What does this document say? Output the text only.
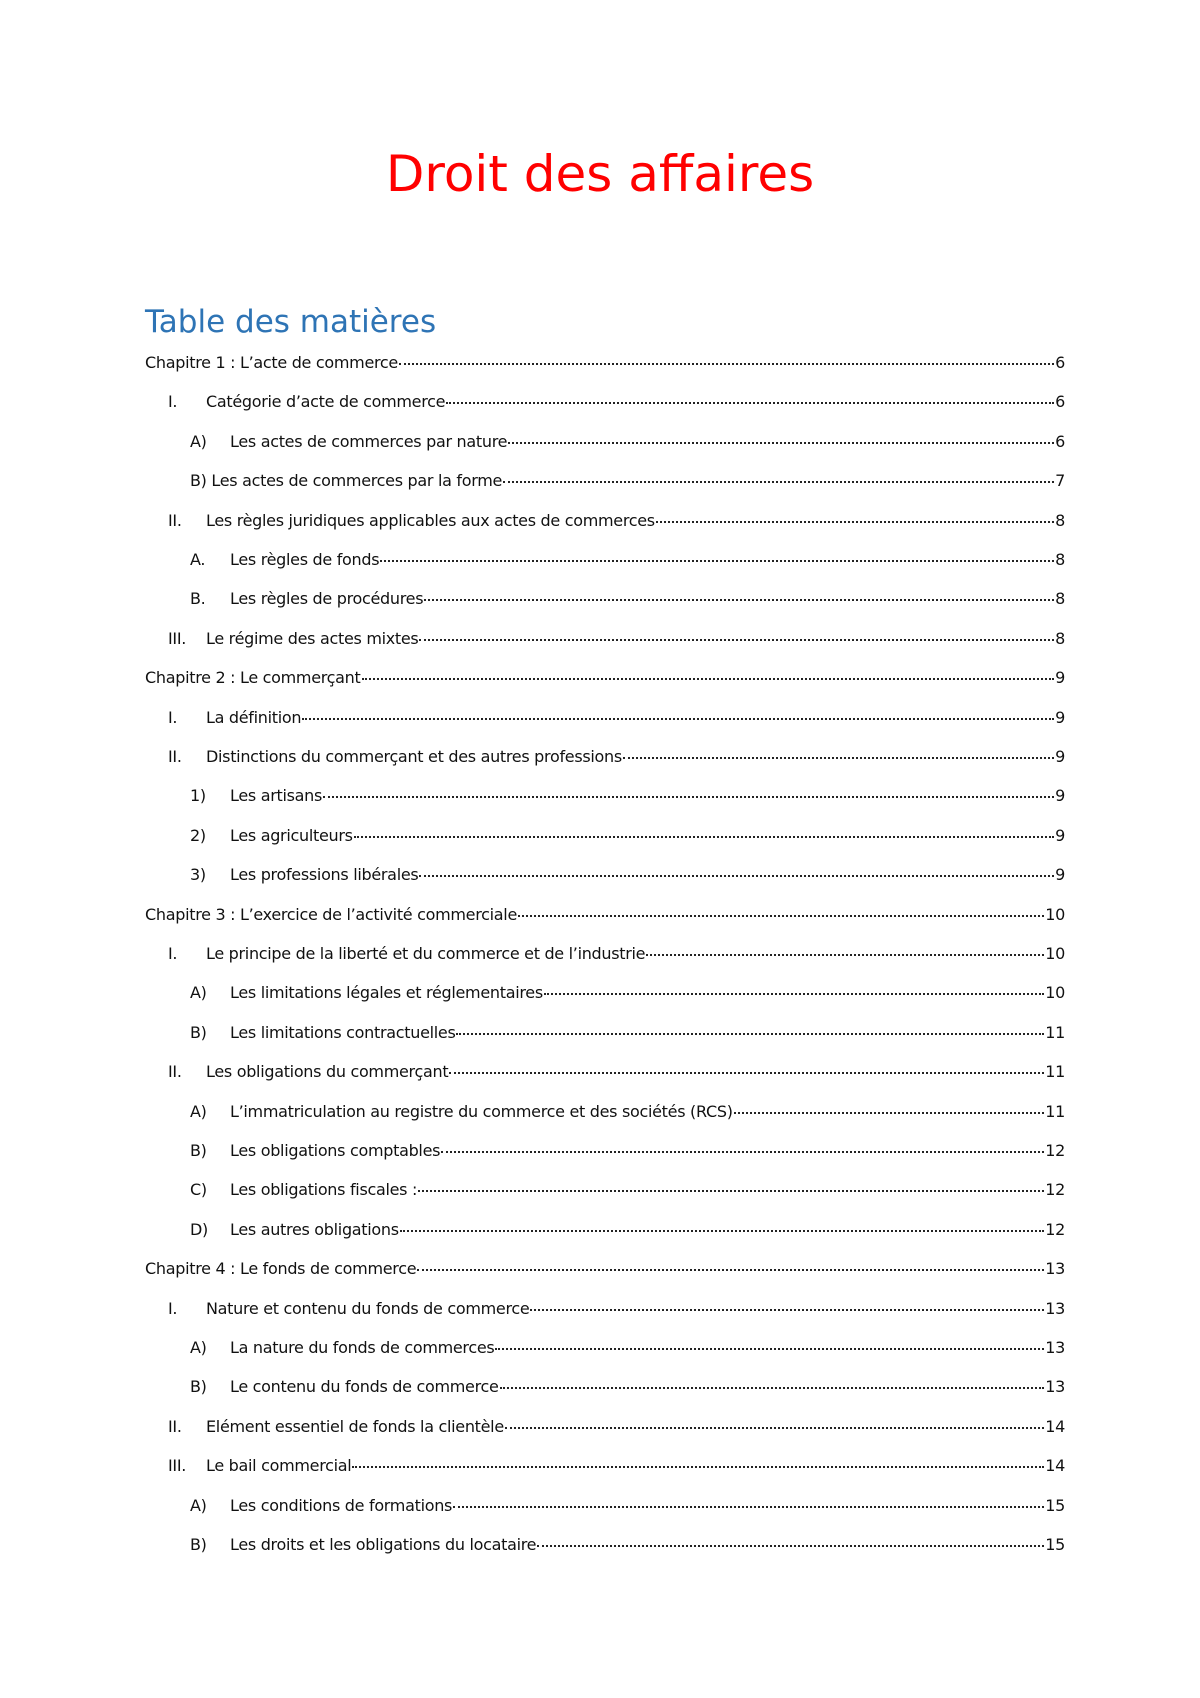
Droit des affaires
Table des matières
Chapitre 1 : L’acte de commerce	6
I.	Catégorie d’acte de commerce	6
A)	Les actes de commerces par nature	6
B) Les actes de commerces par la forme	7
II.	Les règles juridiques applicables aux actes de commerces	8
A.	Les règles de fonds	8
B.	Les règles de procédures	8
III.	Le régime des actes mixtes	8
Chapitre 2 : Le commerçant	9
I.	La définition	9
II.	Distinctions du commerçant et des autres professions	9
1)	Les artisans	9
2)	Les agriculteurs	9
3)	Les professions libérales	9
Chapitre 3 : L’exercice de l’activité commerciale	10
I.	Le principe de la liberté et du commerce et de l’industrie	10
A)	Les limitations légales et réglementaires	10
B)	Les limitations contractuelles	11
II.	Les obligations du commerçant	11
A)	L’immatriculation au registre du commerce et des sociétés (RCS)	11
B)	Les obligations comptables	12
C)	Les obligations fiscales :	12
D)	Les autres obligations	12
Chapitre 4 : Le fonds de commerce	13
I.	Nature et contenu du fonds de commerce	13
A)	La nature du fonds de commerces	13
B)	Le contenu du fonds de commerce	13
II.	Elément essentiel de fonds la clientèle	14
III.	Le bail commercial	14
A)	Les conditions de formations	15
B)	Les droits et les obligations du locataire	15
